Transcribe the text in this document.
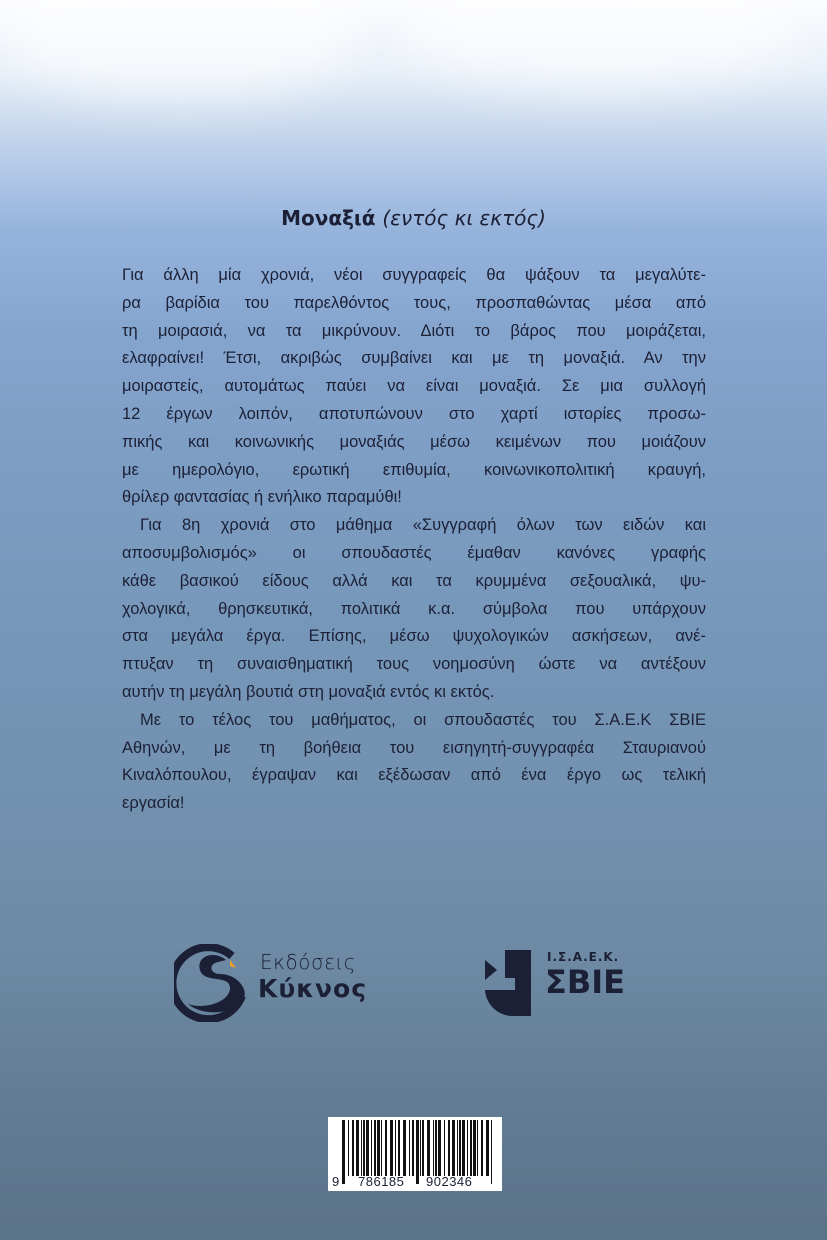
Μοναξιά (εντός κι εκτός)
Για άλλη μία χρονιά, νέοι συγγραφείς θα ψάξουν τα μεγαλύτε-
ρα βαρίδια του παρελθόντος τους, προσπαθώντας μέσα από
τη μοιρασιά, να τα μικρύνουν. Διότι το βάρος που μοιράζεται,
ελαφραίνει! Έτσι, ακριβώς συμβαίνει και με τη μοναξιά. Αν την
μοιραστείς, αυτομάτως παύει να είναι μοναξιά. Σε μια συλλογή
12 έργων λοιπόν, αποτυπώνουν στο χαρτί ιστορίες προσω-
πικής και κοινωνικής μοναξιάς μέσω κειμένων που μοιάζουν
με ημερολόγιο, ερωτική επιθυμία, κοινωνικοπολιτική κραυγή,
θρίλερ φαντασίας ή ενήλικο παραμύθι!
Για 8η χρονιά στο μάθημα «Συγγραφή όλων των ειδών και
αποσυμβολισμός» οι σπουδαστές έμαθαν κανόνες γραφής
κάθε βασικού είδους αλλά και τα κρυμμένα σεξουαλικά, ψυ-
χολογικά, θρησκευτικά, πολιτικά κ.α. σύμβολα που υπάρχουν
στα μεγάλα έργα. Επίσης, μέσω ψυχολογικών ασκήσεων, ανέ-
πτυξαν τη συναισθηματική τους νοημοσύνη ώστε να αντέξουν
αυτήν τη μεγάλη βουτιά στη μοναξιά εντός κι εκτός.
Με το τέλος του μαθήματος, οι σπουδαστές του Σ.Α.Ε.Κ ΣΒΙΕ
Αθηνών, με τη βοήθεια του εισηγητή-συγγραφέα Σταυριανού
Κιναλόπουλου, έγραψαν και εξέδωσαν από ένα έργο ως τελική
εργασία!
Εκδόσεις
Κύκνος
Ι.Σ.Α.Ε.Κ.
ΣΒΙΕ
9 786185 902346
